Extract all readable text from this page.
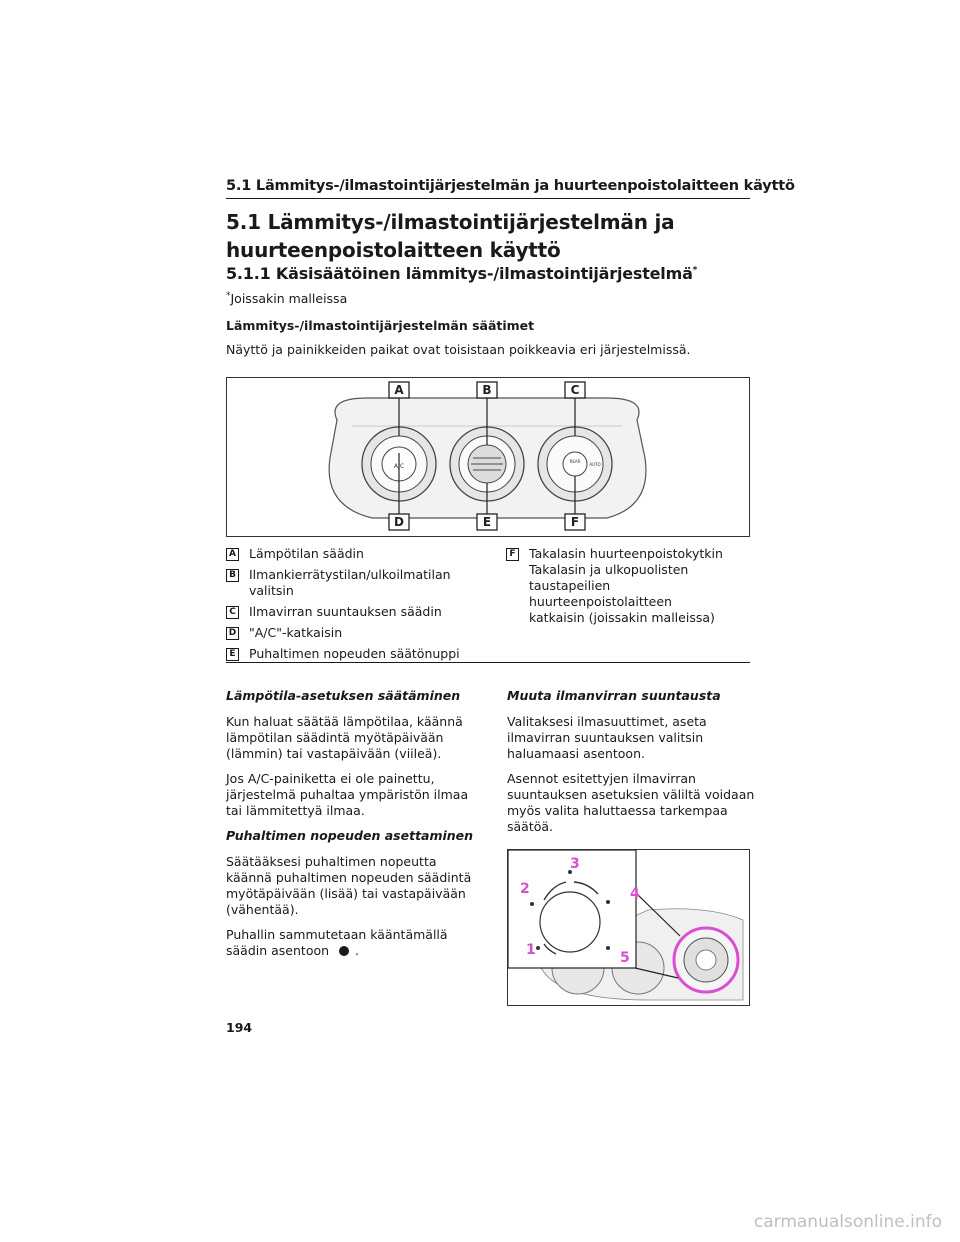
5.1 Lämmitys-/ilmastointijärjestelmän ja huurteenpoistolaitteen käyttö
5.1 Lämmitys-/ilmastointijärjestelmän ja
huurteenpoistolaitteen käyttö
5.1.1 Käsisäätöinen lämmitys-/ilmastointijärjestelmä*
*Joissakin malleissa
Lämmitys-/ilmastointijärjestelmän säätimet
Näyttö ja painikkeiden paikat ovat toisistaan poikkeavia eri järjestelmissä.
A/C
REAR
AUTO
A	B	C
D	E	F
A Lämpötilan säädin
B Ilmankierrätystilan/ulkoilmatilan valitsin
C Ilmavirran suuntauksen säädin
D "A/C"-katkaisin
E Puhaltimen nopeuden säätönuppi
F Takalasin huurteenpoistokytkin
Takalasin ja ulkopuolisten
taustapeilien huurteenpoistolaitteen
katkaisin (joissakin malleissa)

Lämpötila-asetuksen säätäminen

Kun haluat säätää lämpötilaa, käännä lämpötilan säädintä myötäpäivään (lämmin) tai vastapäivään (viileä).

Jos A/C-painiketta ei ole painettu, järjestelmä puhaltaa ympäristön ilmaa tai lämmitettyä ilmaa.

Puhaltimen nopeuden asettaminen

Säätääksesi puhaltimen nopeutta käännä puhaltimen nopeuden säädintä myötäpäivään (lisää) tai vastapäivään (vähentää).

Puhallin sammutetaan kääntämällä
säädin asentoon .

Muuta ilmanvirran suuntausta

Valitaksesi ilmasuuttimet, aseta ilmavirran suuntauksen valitsin haluamaasi asentoon.

Asennot esitettyjen ilmavirran suuntauksen asetuksien väliltä voidaan myös valita haluttaessa tarkempaa säätöä.

1
2
3
4
5
194
carmanualsonline.info
